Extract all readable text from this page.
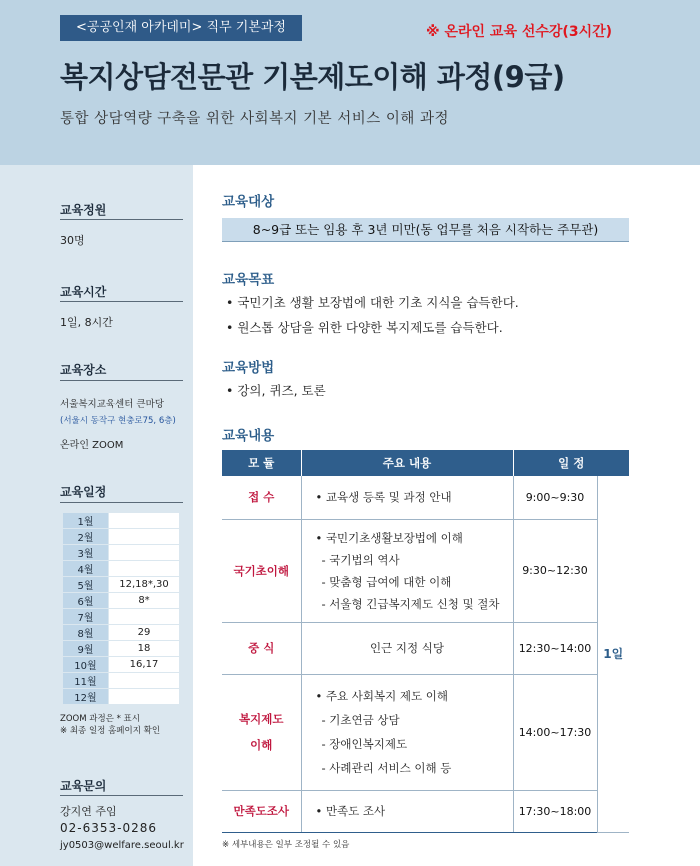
<공공인재 아카데미> 직무 기본과정	※ 온라인 교육 선수강(3시간)
복지상담전문관 기본제도이해 과정(9급)
통합 상담역량 구축을 위한 사회복지 기본 서비스 이해 과정
교육정원
30명
교육시간
1일, 8시간
교육장소
서울복지교육센터 큰마당
(서울시 동작구 현충로75, 6층)
온라인 ZOOM
교육일정
1월	
2월	
3월	
4월	
5월	12,18*,30
6월	8*
7월	
8월	29
9월	18
10월	16,17
11월	
12월	
ZOOM 과정은 * 표시
※ 최종 일정 홈페이지 확인
교육문의
강지연 주임
02-6353-0286
jy0503@welfare.seoul.kr
교육대상
8~9급 또는 임용 후 3년 미만(동 업무를 처음 시작하는 주무관)
교육목표
• 국민기초 생활 보장법에 대한 기초 지식을 습득한다.
• 원스톱 상담을 위한 다양한 복지제도를 습득한다.
교육방법
• 강의, 퀴즈, 토론
교육내용
모 듈	주요 내용	일 정	
접 수	• 교육생 등록 및 과정 안내	9:00~9:30	1일
국기초이해	• 국민기초생활보장법에 이해
- 국기법의 역사
- 맞춤형 급여에 대한 이해
- 서울형 긴급복지제도 신청 및 절차	9:30~12:30	
중 식	인근 지정 식당	12:30~14:00	

복지제도
이해	• 주요 사회복지 제도 이해
- 기초연금 상담
- 장애인복지제도
- 사례관리 서비스 이해 등	14:00~17:30	
만족도조사	• 만족도 조사	17:30~18:00	
※ 세부내용은 일부 조정될 수 있음
